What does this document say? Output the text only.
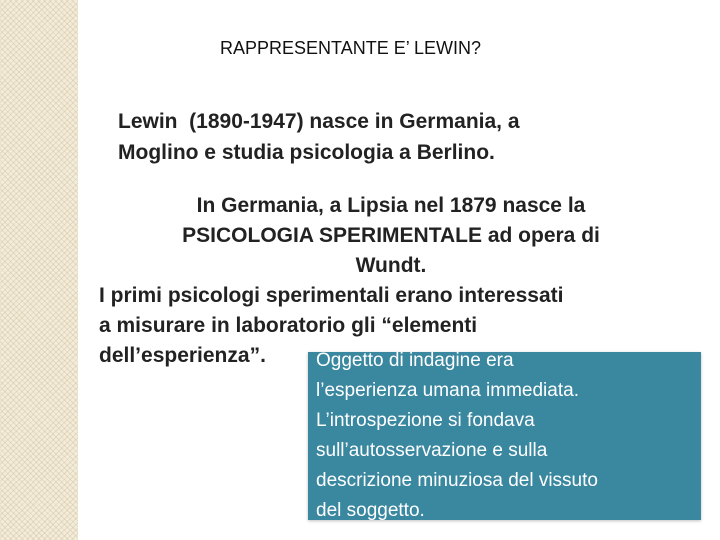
RAPPRESENTANTE E’ LEWIN?
Lewin  (1890-1947) nasce in Germania, a
Moglino e studia psicologia a Berlino.
In Germania, a Lipsia nel 1879 nasce la
PSICOLOGIA SPERIMENTALE ad opera di
Wundt.
I primi psicologi sperimentali erano interessati
a misurare in laboratorio gli “elementi
dell’esperienza”.	Oggetto di indagine era
l’esperienza umana immediata.
L’introspezione si fondava
sull’autosservazione e sulla
descrizione minuziosa del vissuto
del soggetto.
